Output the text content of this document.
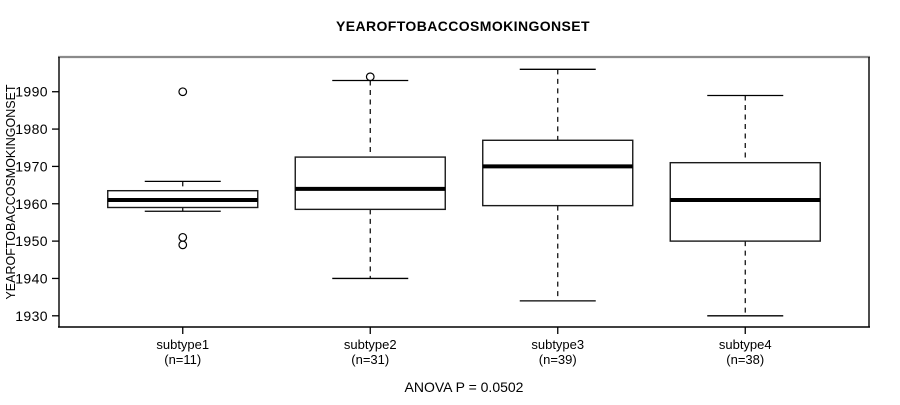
YEAROFTOBACCOSMOKINGONSET
YEAROFTOBACCOSMOKINGONSET
1930
1940
1950
1960
1970
1980
1990
subtype1
(n=11)
subtype2
(n=31)
subtype3
(n=39)
subtype4
(n=38)
ANOVA P = 0.0502
